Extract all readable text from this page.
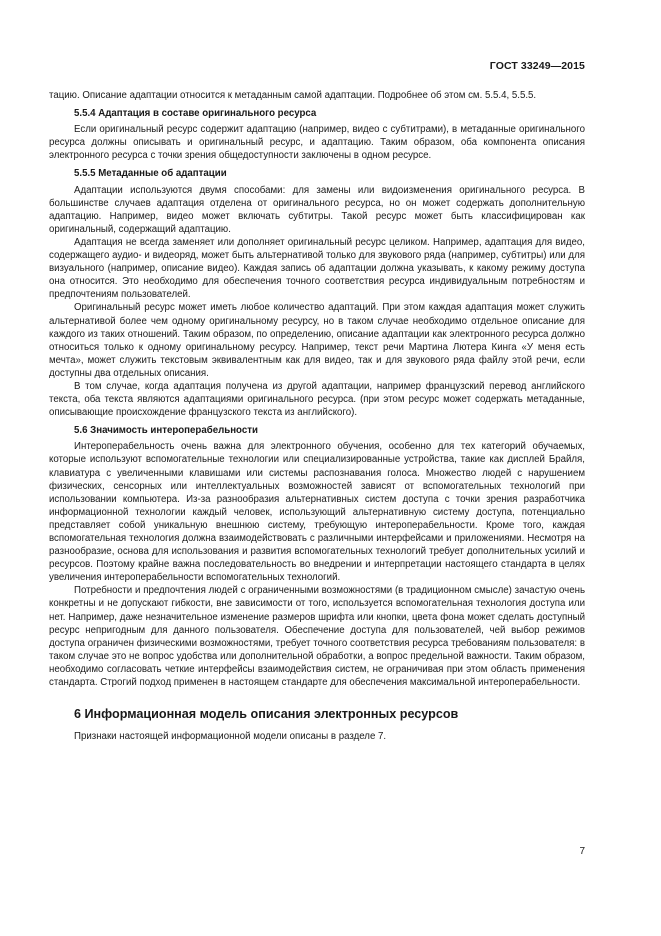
ГОСТ 33249—2015

тацию. Описание адаптации относится к метаданным самой адаптации. Подробнее об этом см. 5.5.4, 5.5.5.

5.5.4 Адаптация в составе оригинального ресурса

Если оригинальный ресурс содержит адаптацию (например, видео с субтитрами), в метаданные оригинального ресурса должны описывать и оригинальный ресурс, и адаптацию. Таким образом, оба компонента описания электронного ресурса с точки зрения общедоступности заключены в одном ресурсе.

5.5.5 Метаданные об адаптации

Адаптации используются двумя способами: для замены или видоизменения оригинального ресурса. В большинстве случаев адаптация отделена от оригинального ресурса, но он может содержать дополнительную адаптацию. Например, видео может включать субтитры. Такой ресурс может быть классифицирован как оригинальный, содержащий адаптацию.

Адаптация не всегда заменяет или дополняет оригинальный ресурс целиком. Например, адаптация для видео, содержащего аудио- и видеоряд, может быть альтернативой только для звукового ряда (например, субтитры) или для визуального (например, описание видео). Каждая запись об адаптации должна указывать, к какому режиму доступа она относится. Это необходимо для обеспечения точного соответствия ресурса индивидуальным потребностям и предпочтениям пользователей.

Оригинальный ресурс может иметь любое количество адаптаций. При этом каждая адаптация может служить альтернативой более чем одному оригинальному ресурсу, но в таком случае необходимо отдельное описание для каждого из таких отношений. Таким образом, по определению, описание адаптации как электронного ресурса должно относиться только к одному оригинальному ресурсу. Например, текст речи Мартина Лютера Кинга «У меня есть мечта», может служить текстовым эквивалентным как для видео, так и для звукового ряда файлу этой речи, если доступны два отдельных описания.

В том случае, когда адаптация получена из другой адаптации, например французский перевод английского текста, оба текста являются адаптациями оригинального ресурса. (при этом ресурс может содержать метаданные, описывающие происхождение французского текста из английского).

5.6 Значимость интероперабельности

Интероперабельность очень важна для электронного обучения, особенно для тех категорий обучаемых, которые используют вспомогательные технологии или специализированные устройства, такие как дисплей Брайля, клавиатура с увеличенными клавишами или системы распознавания голоса. Множество людей с нарушением физических, сенсорных или интеллектуальных возможностей зависят от вспомогательных технологий при использовании компьютера. Из-за разнообразия альтернативных систем доступа с точки зрения разработчика информационной технологии каждый человек, использующий альтернативную систему доступа, потенциально представляет собой уникальную внешнюю систему, требующую интероперабельности. Кроме того, каждая вспомогательная технология должна взаимодействовать с различными интерфейсами и приложениями. Несмотря на разнообразие, основа для использования и развития вспомогательных технологий требует дополнительных усилий и ресурсов. Поэтому крайне важна последовательность во внедрении и интерпретации настоящего стандарта в целях увеличения интероперабельности вспомогательных технологий.

Потребности и предпочтения людей с ограниченными возможностями (в традиционном смысле) зачастую очень конкретны и не допускают гибкости, вне зависимости от того, используется вспомогательная технология доступа или нет. Например, даже незначительное изменение размеров шрифта или кнопки, цвета фона может сделать доступный ресурс непригодным для данного пользователя. Обеспечение доступа для пользователей, чей выбор режимов доступа ограничен физическими возможностями, требует точного соответствия ресурса требованиям пользователя: в таком случае это не вопрос удобства или дополнительной обработки, а вопрос предельной важности. Таким образом, необходимо согласовать четкие интерфейсы взаимодействия систем, не ограничивая при этом область применения стандарта. Строгий подход применен в настоящем стандарте для обеспечения максимальной интероперабельности.

6 Информационная модель описания электронных ресурсов

Признаки настоящей информационной модели описаны в разделе 7.

7
